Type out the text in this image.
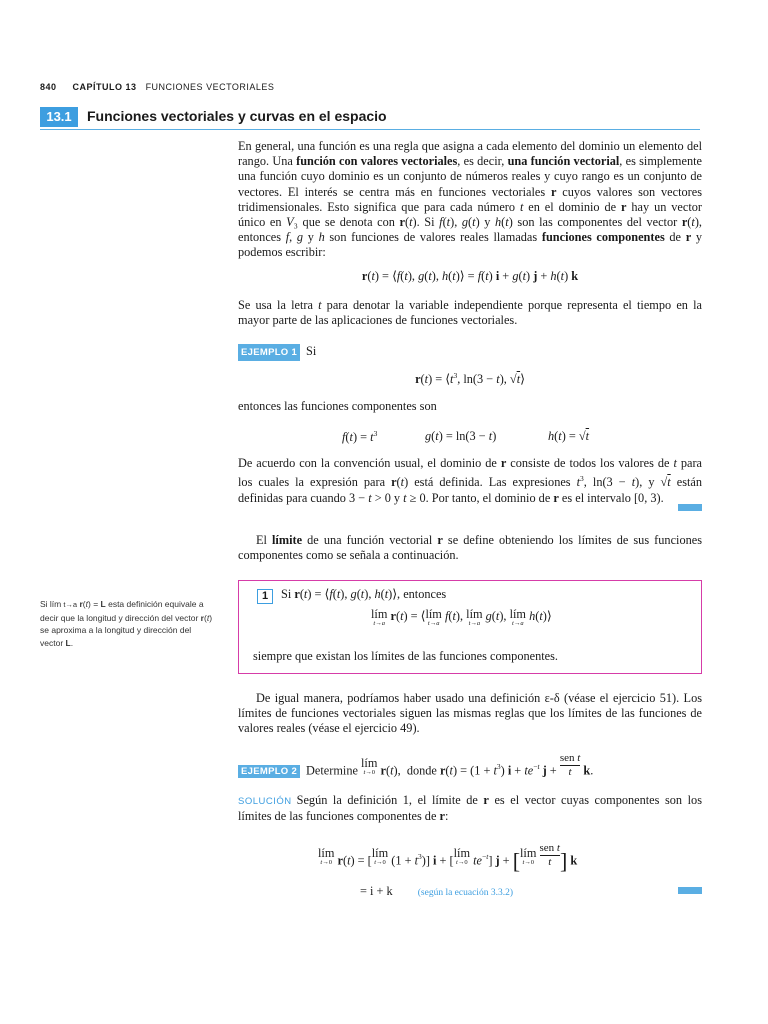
840 CAPÍTULO 13 FUNCIONES VECTORIALES
13.1	Funciones vectoriales y curvas en el espacio
En general, una función es una regla que asigna a cada elemento del dominio un elemento del rango. Una función con valores vectoriales, es decir, una función vectorial, es simplemente una función cuyo dominio es un conjunto de números reales y cuyo rango es un conjunto de vectores. El interés se centra más en funciones vectoriales r cuyos valores son vectores tridimensionales. Esto significa que para cada número t en el dominio de r hay un vector único en V₃ que se denota con r(t). Si f(t), g(t) y h(t) son las componentes del vector r(t), entonces f, g y h son funciones de valores reales llamadas funciones componentes de r y podemos escribir:
r(t) = ⟨f(t), g(t), h(t)⟩ = f(t) i + g(t) j + h(t) k
Se usa la letra t para denotar la variable independiente porque representa el tiempo en la mayor parte de las aplicaciones de funciones vectoriales.
EJEMPLO 1 Si
$r(t) = ⟨t^3$, ln(3 − t), √t⟩
entonces las funciones componentes son
$f(t) = t^3$	g(t) = ln(3 − t)	h(t) = √t
De acuerdo con la convención usual, el dominio de r consiste de todos los valores de t para los cuales la expresión para r(t) está definida. Las expresiones $t^3$, ln(3 − t), y √t están definidas para cuando 3 − t > 0 y t ≥ 0. Por tanto, el dominio de r es el intervalo [0, 3).
El límite de una función vectorial r se define obteniendo los límites de sus funciones componentes como se señala a continuación.
Si lím t→a r(t) = L esta definición equivale a decir que la longitud y dirección del vector r(t) se aproxima a la longitud y dirección del vector L.
1	Si r(t) = ⟨f(t), g(t), h(t)⟩, entonces
lím
t→a
r(t) = ⟨lím
t→a
f(t), lím
t→a
g(t), lím
t→a
h(t)⟩
siempre que existan los límites de las funciones componentes.
De igual manera, podríamos haber usado una definición ε-δ (véase el ejercicio 51). Los límites de funciones vectoriales siguen las mismas reglas que los límites de las funciones de valores reales (véase el ejercicio 49).
EJEMPLO 2 Determine lím
t→0 r(t),  donde $r(t) = (1 + t^3)$ $i + te^{-t}$ j +
sen t
t k.
SOLUCIÓN Según la definición 1, el límite de r es el vector cuyas componentes son los límites de las funciones componentes de r:
lím
t→0 r(t) = [lím
t→0 $(1 + t^3)$] i + [lím
t→0 $te^{-t}$] j + [lím
t→0

sen t
t ] k
= i + k	(según la ecuación 3.3.2)
